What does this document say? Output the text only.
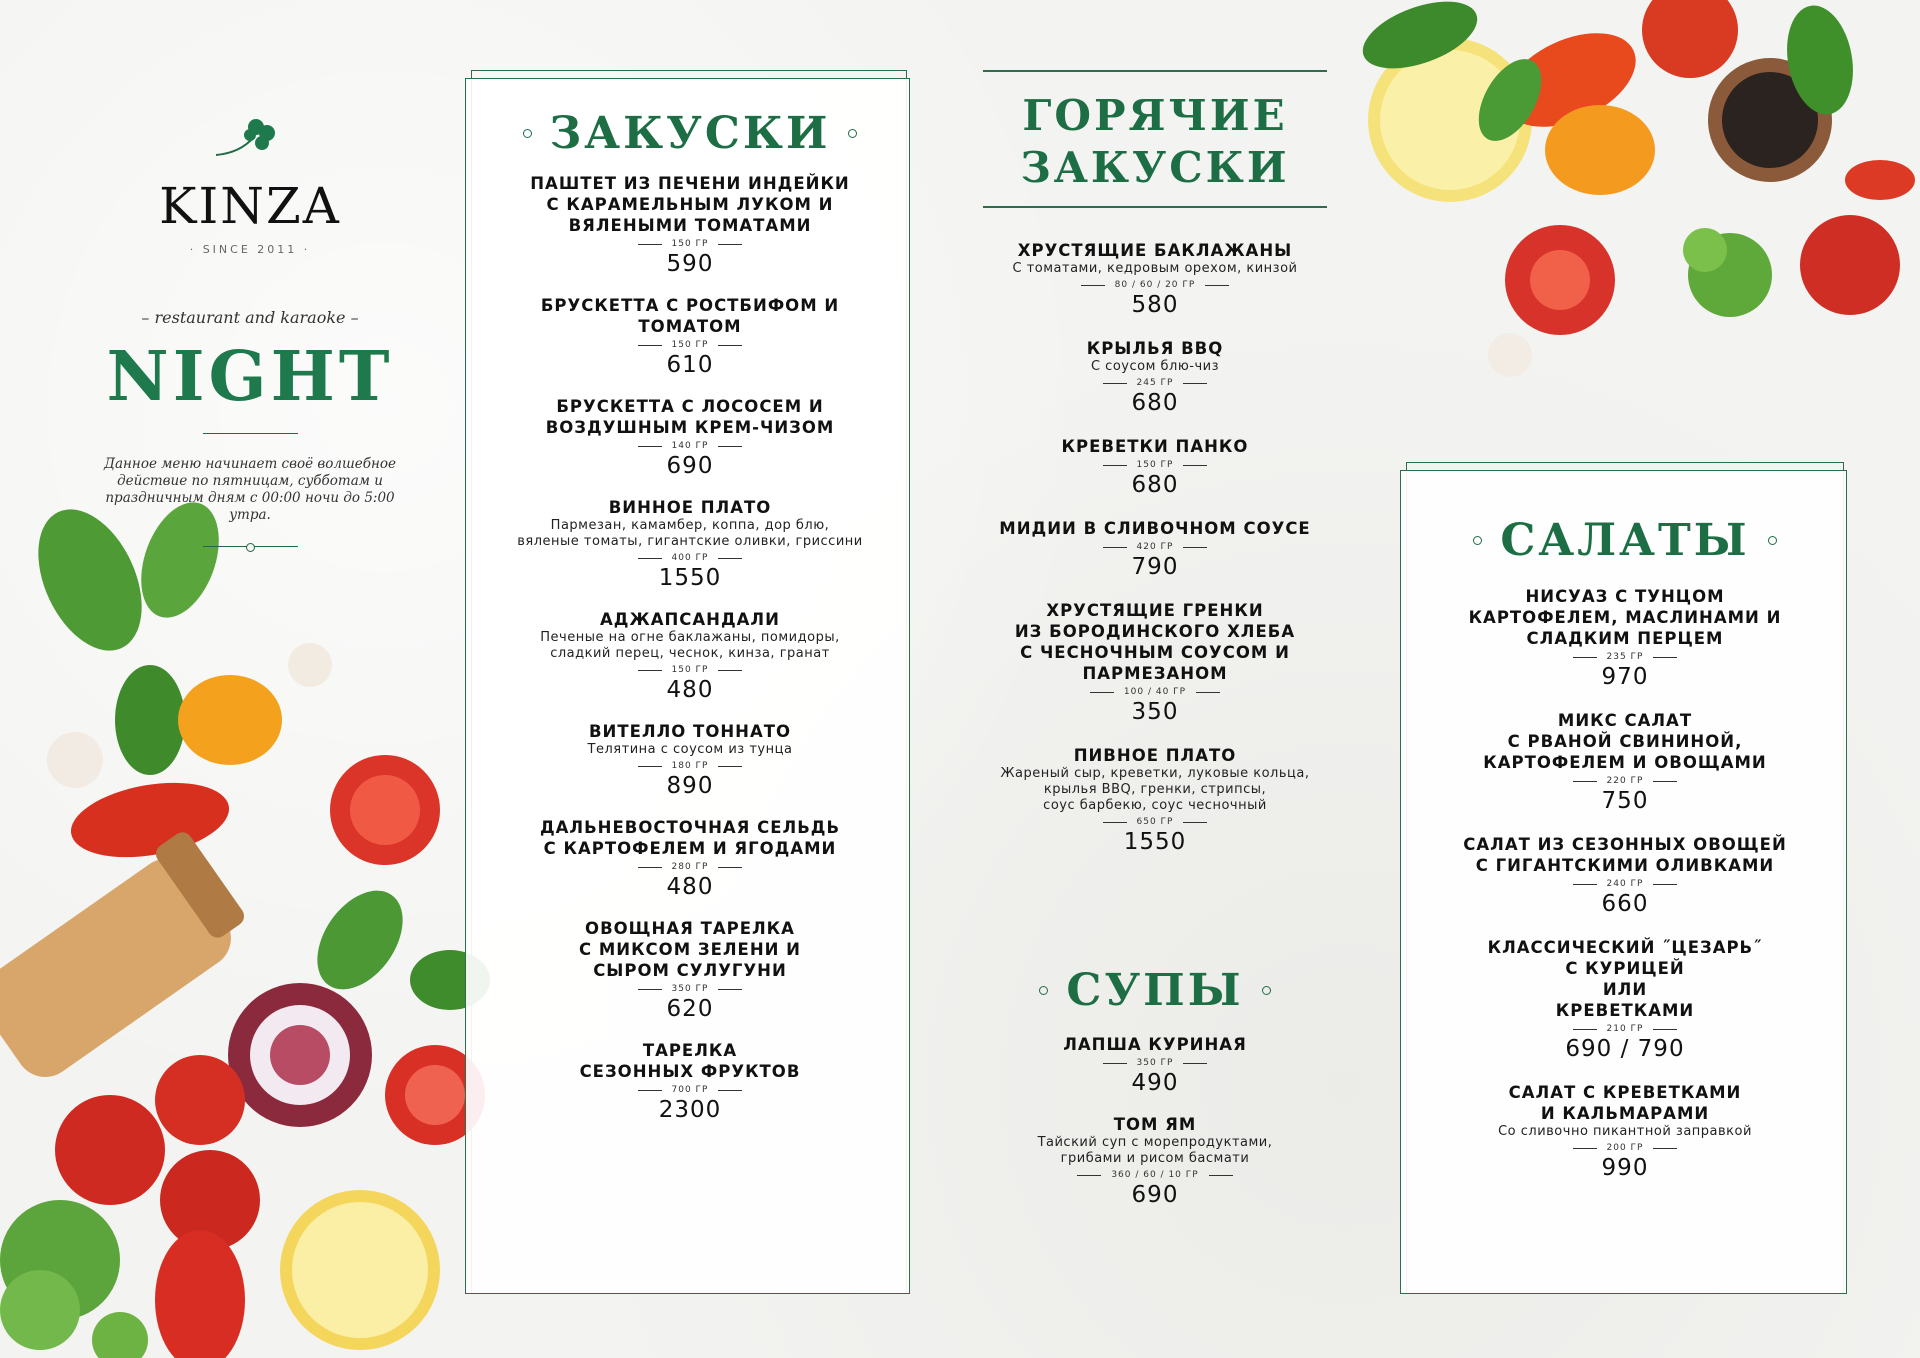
KINZA
· SINCE 2011 ·
– restaurant and karaoke –
NIGHT
Данное меню начинает своё волшебное действие по пятницам, субботам и праздничным дням с 00:00 ночи до 5:00 утра.
ЗАКУСКИ
ПАШТЕТ ИЗ ПЕЧЕНИ ИНДЕЙКИ
С КАРАМЕЛЬНЫМ ЛУКОМ И
ВЯЛЕНЫМИ ТОМАТАМИ
150 ГР
590
БРУСКЕТТА С РОСТБИФОМ И
ТОМАТОМ
150 ГР
610
БРУСКЕТТА С ЛОСОСЕМ И
ВОЗДУШНЫМ КРЕМ-ЧИЗОМ
140 ГР
690
ВИННОЕ ПЛАТО
Пармезан, камамбер, коппа, дор блю,
вяленые томаты, гигантские оливки, гриссини
400 ГР
1550
АДЖАПСАНДАЛИ
Печеные на огне баклажаны, помидоры,
сладкий перец, чеснок, кинза, гранат
150 ГР
480
ВИТЕЛЛО ТОННАТО
Телятина с соусом из тунца
180 ГР
890
ДАЛЬНЕВОСТОЧНАЯ СЕЛЬДЬ
С КАРТОФЕЛЕМ И ЯГОДАМИ
280 ГР
480
ОВОЩНАЯ ТАРЕЛКА
С МИКСОМ ЗЕЛЕНИ И
СЫРОМ СУЛУГУНИ
350 ГР
620
ТАРЕЛКА
СЕЗОННЫХ ФРУКТОВ
700 ГР
2300
ГОРЯЧИЕ
ЗАКУСКИ
ХРУСТЯЩИЕ БАКЛАЖАНЫ
С томатами, кедровым орехом, кинзой
80 / 60 / 20 ГР
580
КРЫЛЬЯ BBQ
С соусом блю-чиз
245 ГР
680
КРЕВЕТКИ ПАНКО
150 ГР
680
МИДИИ В СЛИВОЧНОМ СОУСЕ
420 ГР
790
ХРУСТЯЩИЕ ГРЕНКИ
ИЗ БОРОДИНСКОГО ХЛЕБА
С ЧЕСНОЧНЫМ СОУСОМ И
ПАРМЕЗАНОМ
100 / 40 ГР
350
ПИВНОЕ ПЛАТО
Жареный сыр, креветки, луковые кольца,
крылья BBQ, гренки, стрипсы,
соус барбекю, соус чесночный
650 ГР
1550
СУПЫ
ЛАПША КУРИНАЯ
350 ГР
490
ТОМ ЯМ
Тайский суп с морепродуктами,
грибами и рисом басмати
360 / 60 / 10 ГР
690
САЛАТЫ
НИСУАЗ С ТУНЦОМ
КАРТОФЕЛЕМ, МАСЛИНАМИ И
СЛАДКИМ ПЕРЦЕМ
235 ГР
970
МИКС САЛАТ
С РВАНОЙ СВИНИНОЙ,
КАРТОФЕЛЕМ И ОВОЩАМИ
220 ГР
750
САЛАТ ИЗ СЕЗОННЫХ ОВОЩЕЙ
С ГИГАНТСКИМИ ОЛИВКАМИ
240 ГР
660
КЛАССИЧЕСКИЙ ˝ЦЕЗАРЬ˝
С КУРИЦЕЙ
ИЛИ
КРЕВЕТКАМИ
210 ГР
690 / 790
САЛАТ С КРЕВЕТКАМИ
И КАЛЬМАРАМИ
Со сливочно пикантной заправкой
200 ГР
990
